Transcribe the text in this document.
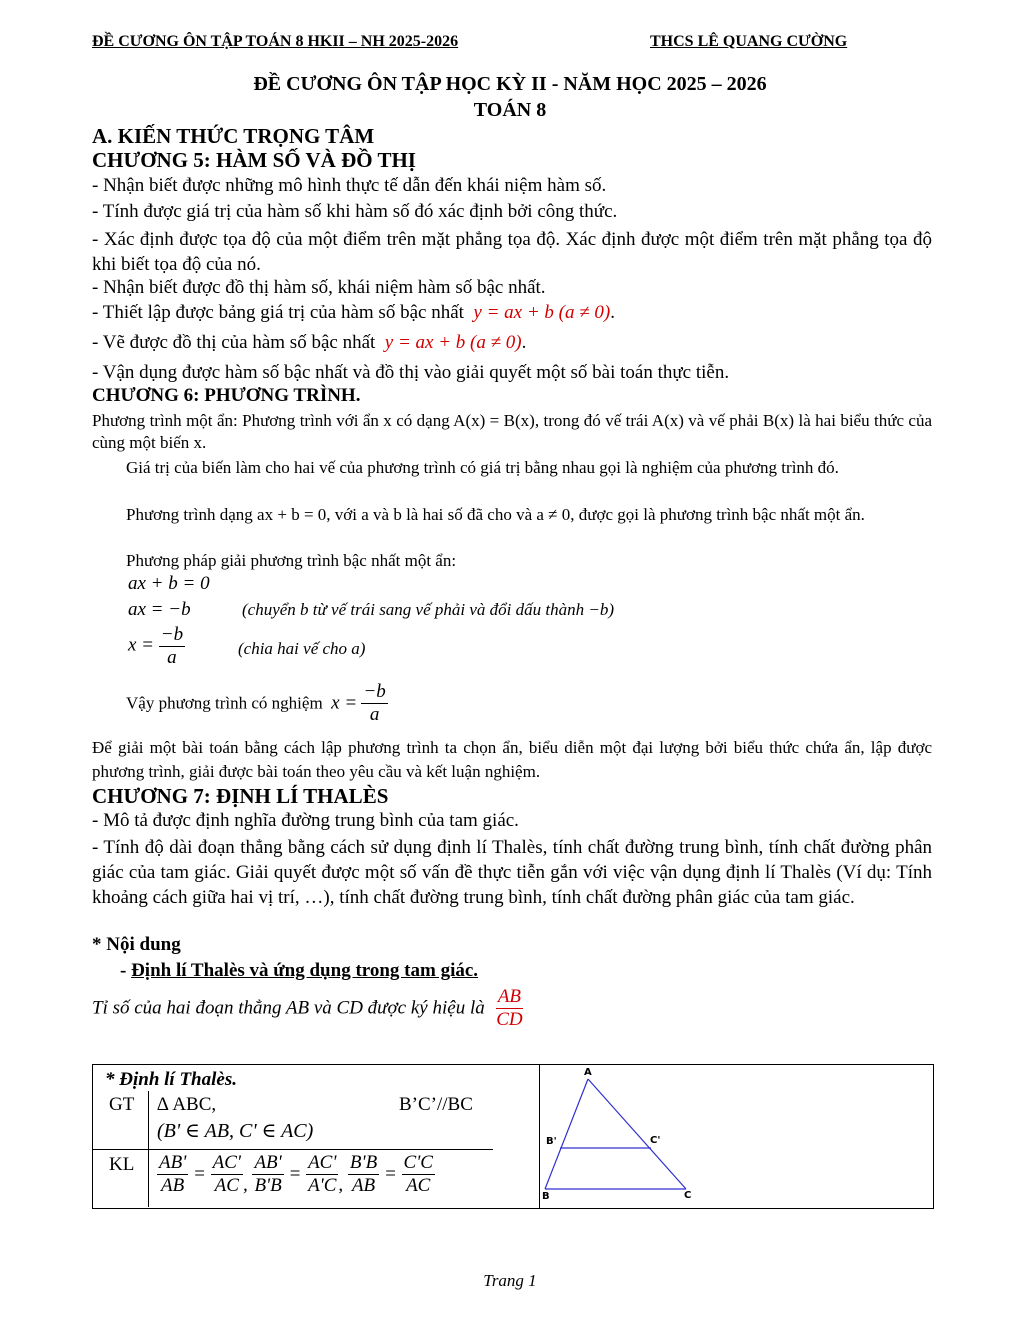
ĐỀ CƯƠNG ÔN TẬP TOÁN 8 HKII – NH 2025-2026	THCS LÊ QUANG CƯỜNG
ĐỀ CƯƠNG ÔN TẬP HỌC KỲ II - NĂM HỌC 2025 – 2026
TOÁN 8
A. KIẾN THỨC TRỌNG TÂM
CHƯƠNG 5: HÀM SỐ VÀ ĐỒ THỊ
- Nhận biết được những mô hình thực tế dẫn đến khái niệm hàm số.
- Tính được giá trị của hàm số khi hàm số đó xác định bởi công thức.
- Xác định được tọa độ của một điểm trên mặt phẳng tọa độ. Xác định được một điểm trên mặt phẳng tọa độ khi biết tọa độ của nó.
- Nhận biết được đồ thị hàm số, khái niệm hàm số bậc nhất.
- Thiết lập được bảng giá trị của hàm số bậc nhất y = ax + b (a ≠ 0).
- Vẽ được đồ thị của hàm số bậc nhất y = ax + b (a ≠ 0).
- Vận dụng được hàm số bậc nhất và đồ thị vào giải quyết một số bài toán thực tiễn.
CHƯƠNG 6: PHƯƠNG TRÌNH.
Phương trình một ẩn: Phương trình với ẩn x có dạng A(x) = B(x), trong đó vế trái A(x) và vế phải B(x) là hai biểu thức của cùng một biến x.
Giá trị của biến làm cho hai vế của phương trình có giá trị bằng nhau gọi là nghiệm của phương trình đó.
Phương trình dạng ax + b = 0, với a và b là hai số đã cho và a ≠ 0, được gọi là phương trình bậc nhất một ẩn.
Phương pháp giải phương trình bậc nhất một ẩn:
ax + b = 0
ax = −b	(chuyển b từ vế trái sang vế phải và đổi dấu thành −b)
$x = \frac{-b}{a}$	(chia hai vế cho a)
Vậy phương trình có nghiệm $x = \frac{-b}{a}$
Để giải một bài toán bằng cách lập phương trình ta chọn ẩn, biểu diễn một đại lượng bởi biểu thức chứa ẩn, lập được phương trình, giải được bài toán theo yêu cầu và kết luận nghiệm.
CHƯƠNG 7: ĐỊNH LÍ THALÈS
- Mô tả được định nghĩa đường trung bình của tam giác.
- Tính độ dài đoạn thẳng bằng cách sử dụng định lí Thalès, tính chất đường trung bình, tính chất đường phân giác của tam giác. Giải quyết được một số vấn đề thực tiễn gắn với việc vận dụng định lí Thalès (Ví dụ: Tính khoảng cách giữa hai vị trí, …), tính chất đường trung bình, tính chất đường phân giác của tam giác.
* Nội dung
- Định lí Thalès và ứng dụng trong tam giác.
Tỉ số của hai đoạn thẳng AB và CD được ký hiệu là $\frac{AB}{CD}$
* Định lí Thalès.
GT ∆ ABC,	B’C’//BC
(B' ∈ AB, C' ∈ AC)
KL $\frac{AB'}{AB} = \frac{AC'}{AC}$ , $\frac{AB'}{B'B} = \frac{AC'}{A'C}$ , $\frac{B'B}{AB} = \frac{C'C}{AC}$
A
B'	C'
B	C
Trang 1
